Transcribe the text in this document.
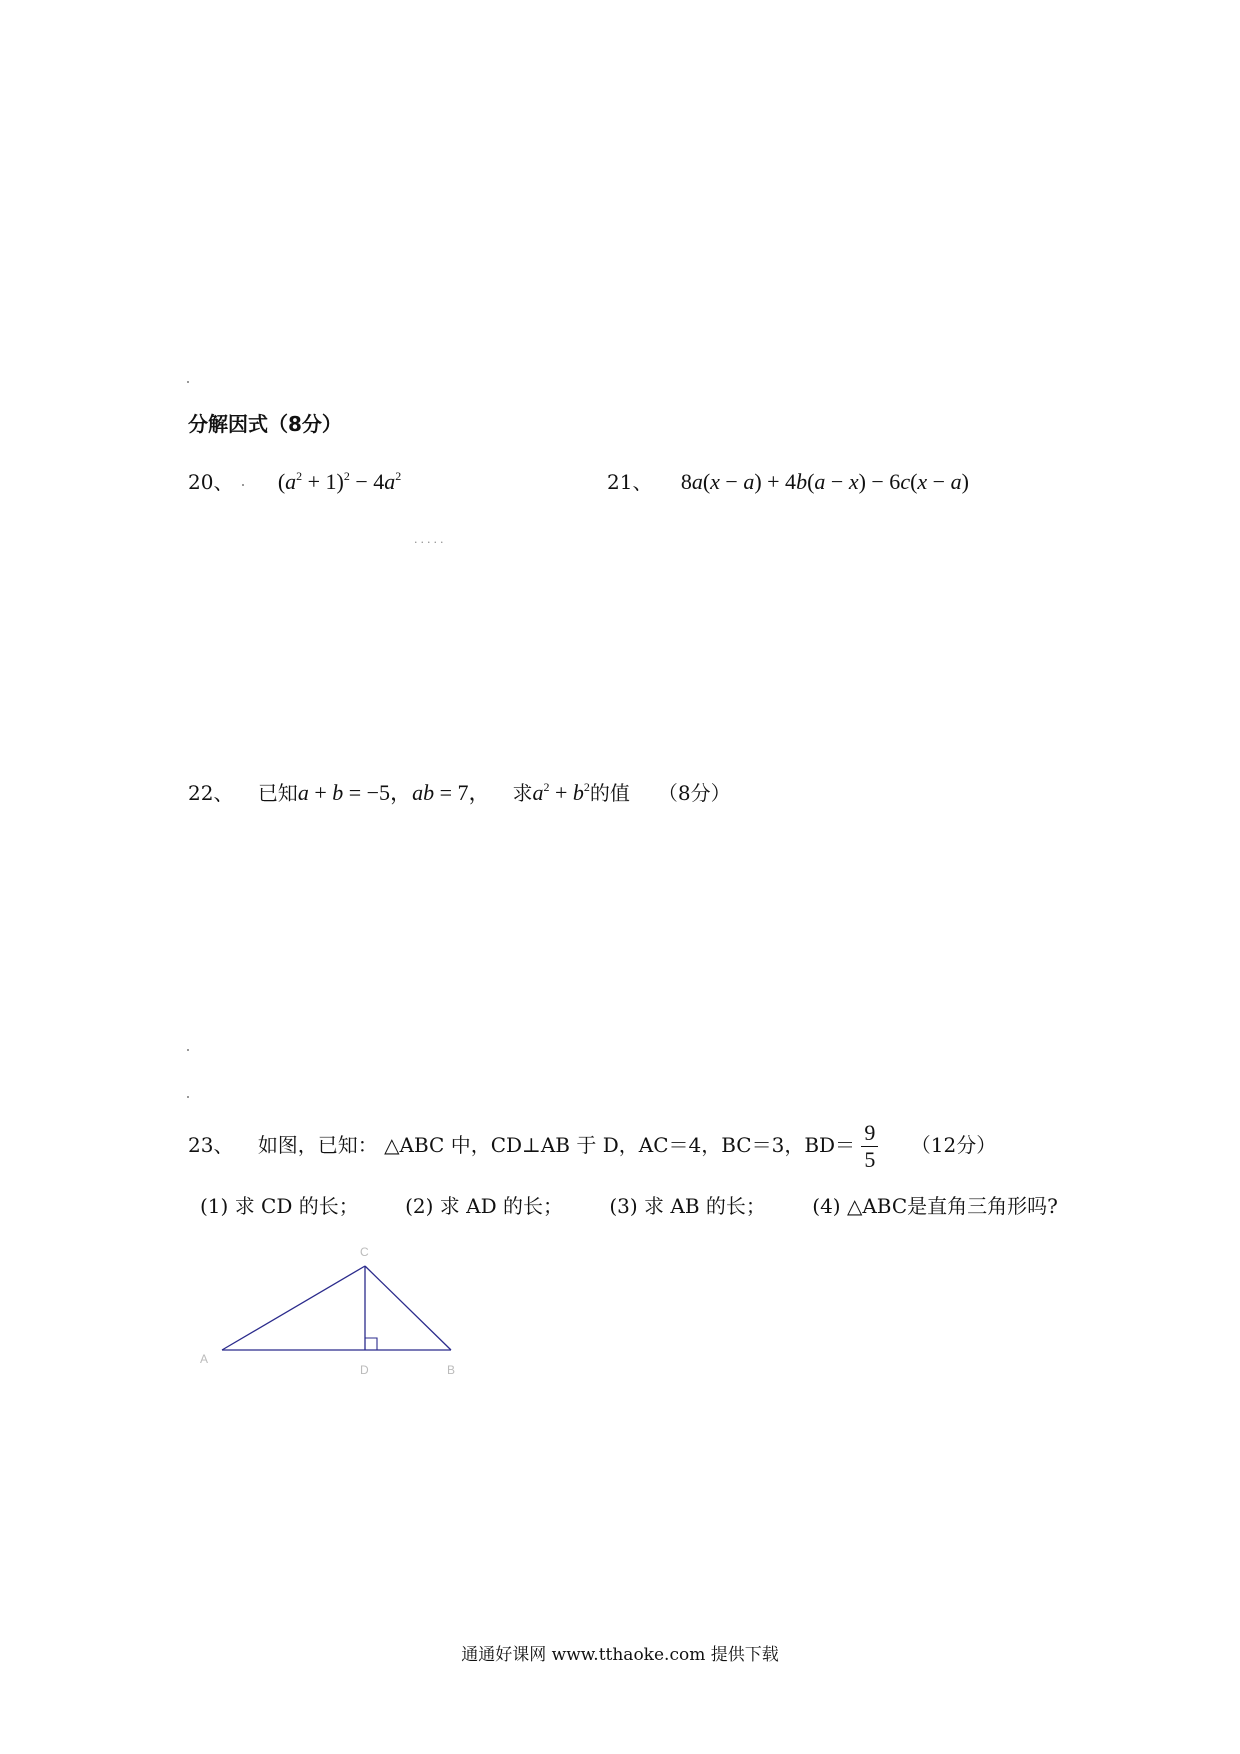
.....
分解因式（8分）
20、 $(a^2 + 1)^2 - 4a^2$	21、 8a(x − a) + 4b(a − x) − 6c(x − a)
22、 已知a + b = −5，ab = 7， 求$a^2 + b^2$的值 （8分）
23、 如图，已知： △ABC 中，CD⊥AB 于 D，AC＝4，BC＝3，$BD= \frac{9}{5} (12$分）
(1) 求 CD 的长； (2) 求 AD 的长； (3) 求 AB 的长； (4) △ABC是直角三角形吗?
A
B
C
D
通通好课网 www.tthaoke.com 提供下载
